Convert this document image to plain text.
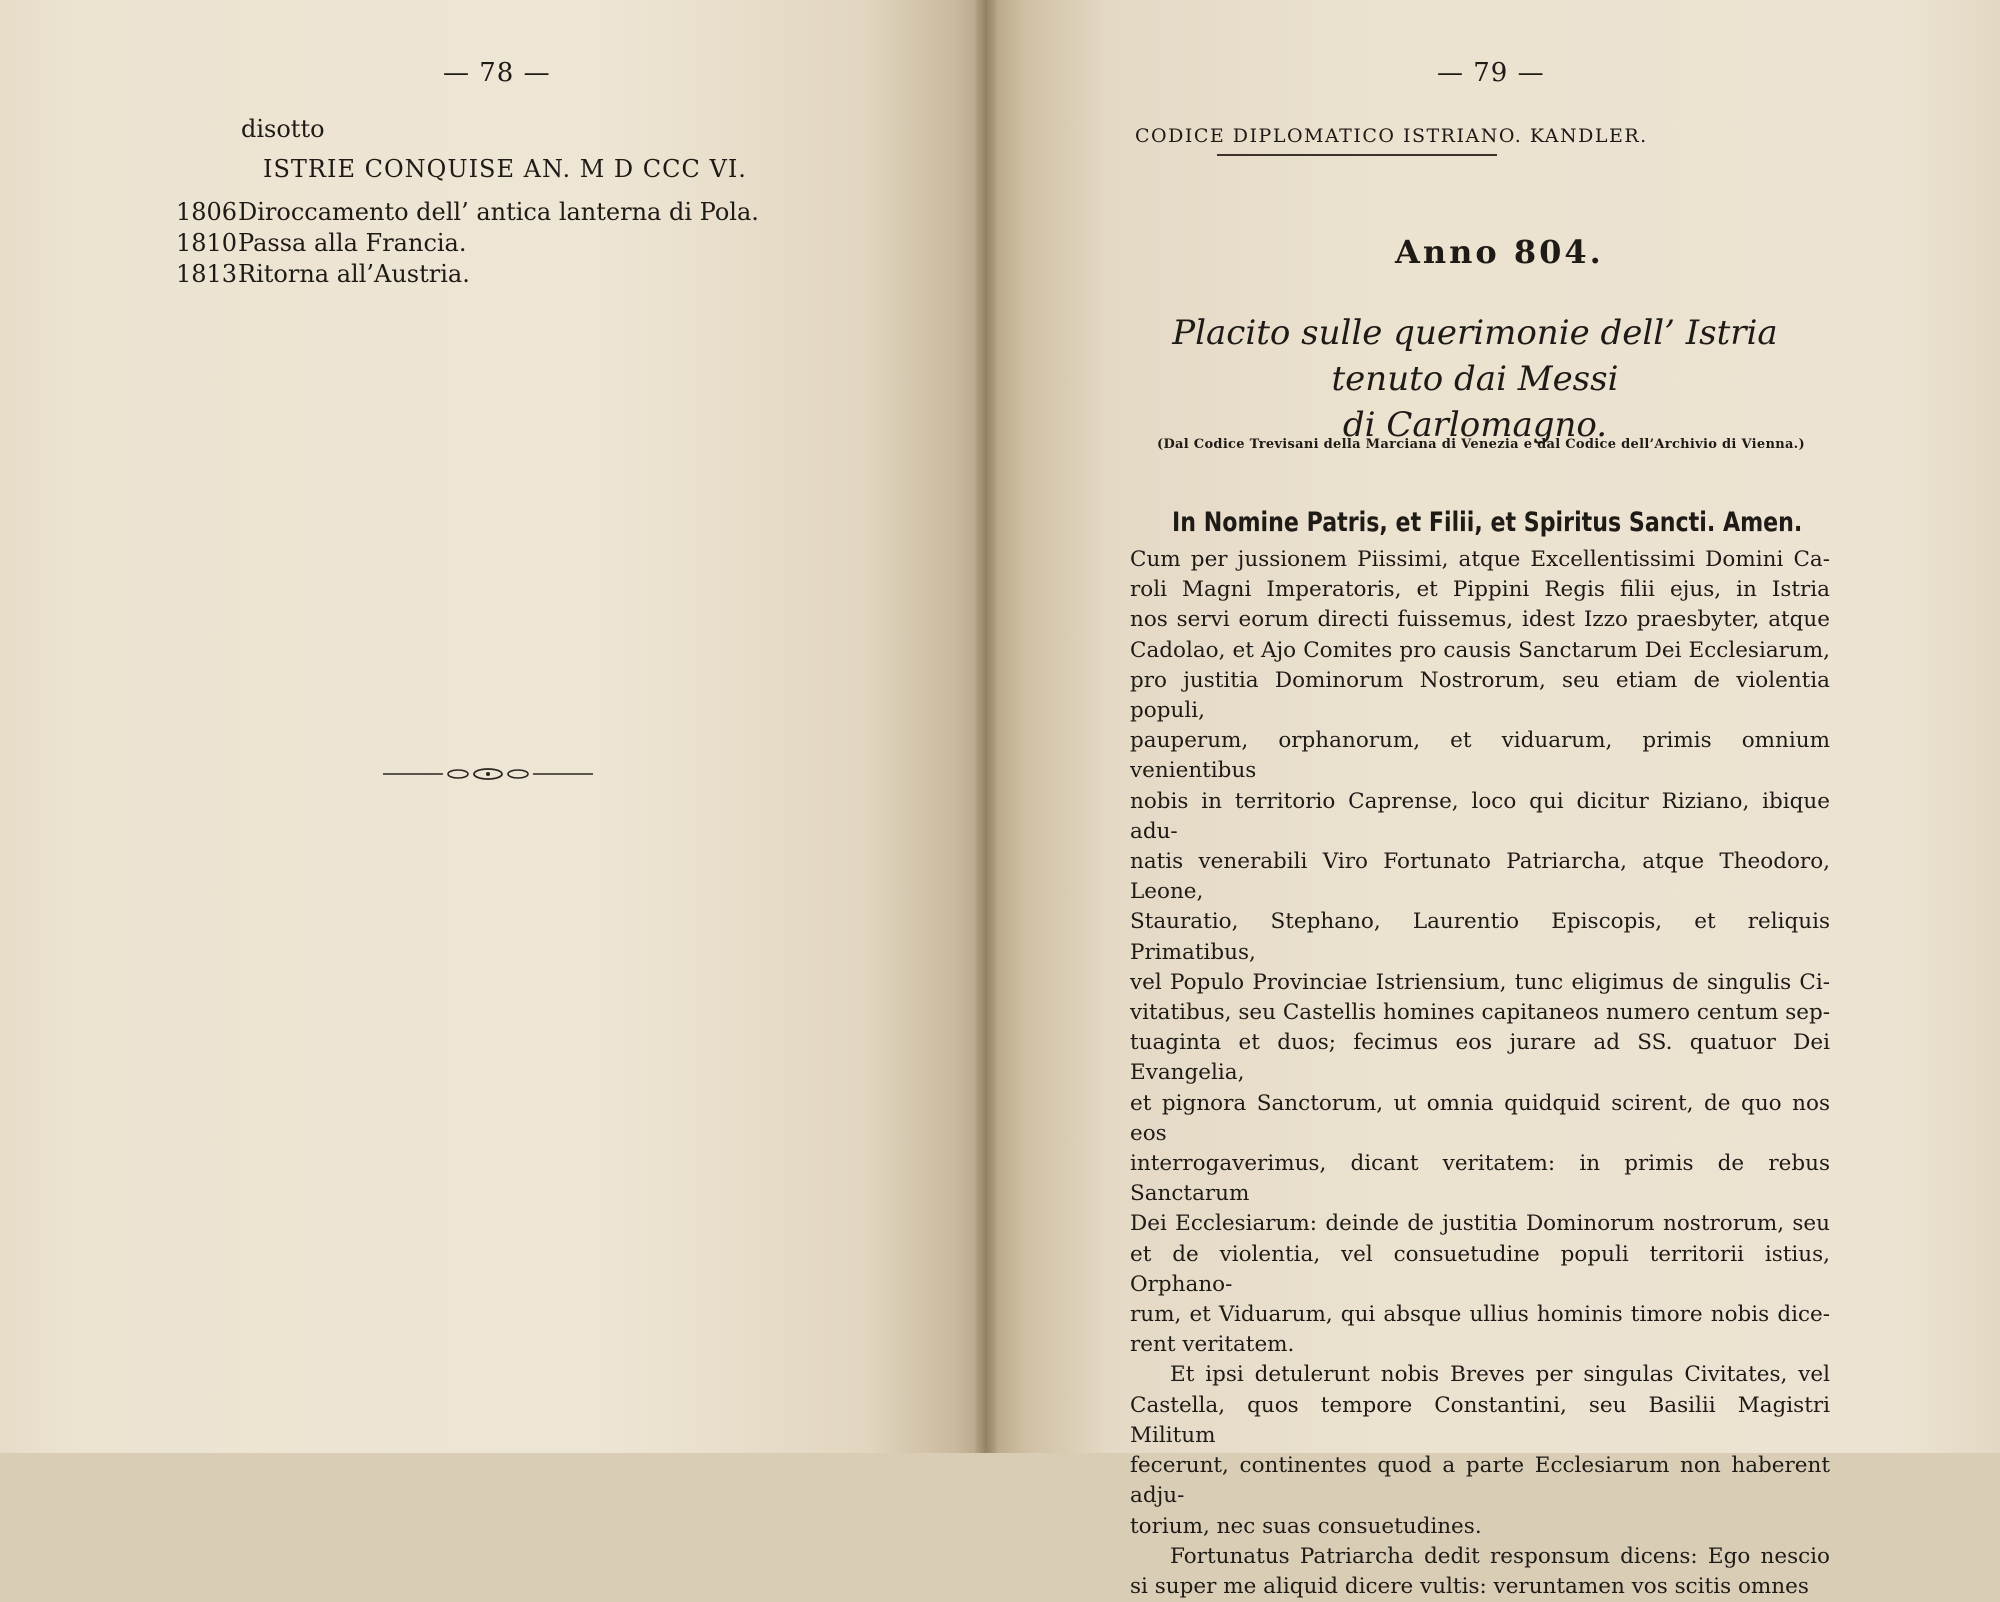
— 78 —
disotto
ISTRIE CONQUISE AN. M D CCC VI.
1806Diroccamento dell’ antica lanterna di Pola.
1810Passa alla Francia.
1813Ritorna all’Austria.
— 79 —
CODICE DIPLOMATICO ISTRIANO. KANDLER.
Anno 804.
Placito sulle querimonie dell’ Istria tenuto dai Messi
di Carlomagno.
(Dal Codice Trevisani della Marciana di Venezia e dal Codice dell’Archivio di Vienna.)
In Nomine Patris, et Filii, et Spiritus Sancti. Amen.
Cum per jussionem Piissimi, atque Excellentissimi Domini Ca-
roli Magni Imperatoris, et Pippini Regis filii ejus, in Istria
nos servi eorum directi fuissemus, idest Izzo praesbyter, atque
Cadolao, et Ajo Comites pro causis Sanctarum Dei Ecclesiarum,
pro justitia Dominorum Nostrorum, seu etiam de violentia populi,
pauperum, orphanorum, et viduarum, primis omnium venientibus
nobis in territorio Caprense, loco qui dicitur Riziano, ibique adu-
natis venerabili Viro Fortunato Patriarcha, atque Theodoro, Leone,
Stauratio, Stephano, Laurentio Episcopis, et reliquis Primatibus,
vel Populo Provinciae Istriensium, tunc eligimus de singulis Ci-
vitatibus, seu Castellis homines capitaneos numero centum sep-
tuaginta et duos; fecimus eos jurare ad SS. quatuor Dei Evangelia,
et pignora Sanctorum, ut omnia quidquid scirent, de quo nos eos
interrogaverimus, dicant veritatem: in primis de rebus Sanctarum
Dei Ecclesiarum: deinde de justitia Dominorum nostrorum, seu
et de violentia, vel consuetudine populi territorii istius, Orphano-
rum, et Viduarum, qui absque ullius hominis timore nobis dice-
rent veritatem.
Et ipsi detulerunt nobis Breves per singulas Civitates, vel
Castella, quos tempore Constantini, seu Basilii Magistri Militum
fecerunt, continentes quod a parte Ecclesiarum non haberent adju-
torium, nec suas consuetudines.
Fortunatus Patriarcha dedit responsum dicens: Ego nescio
si super me aliquid dicere vultis: veruntamen vos scitis omnes
